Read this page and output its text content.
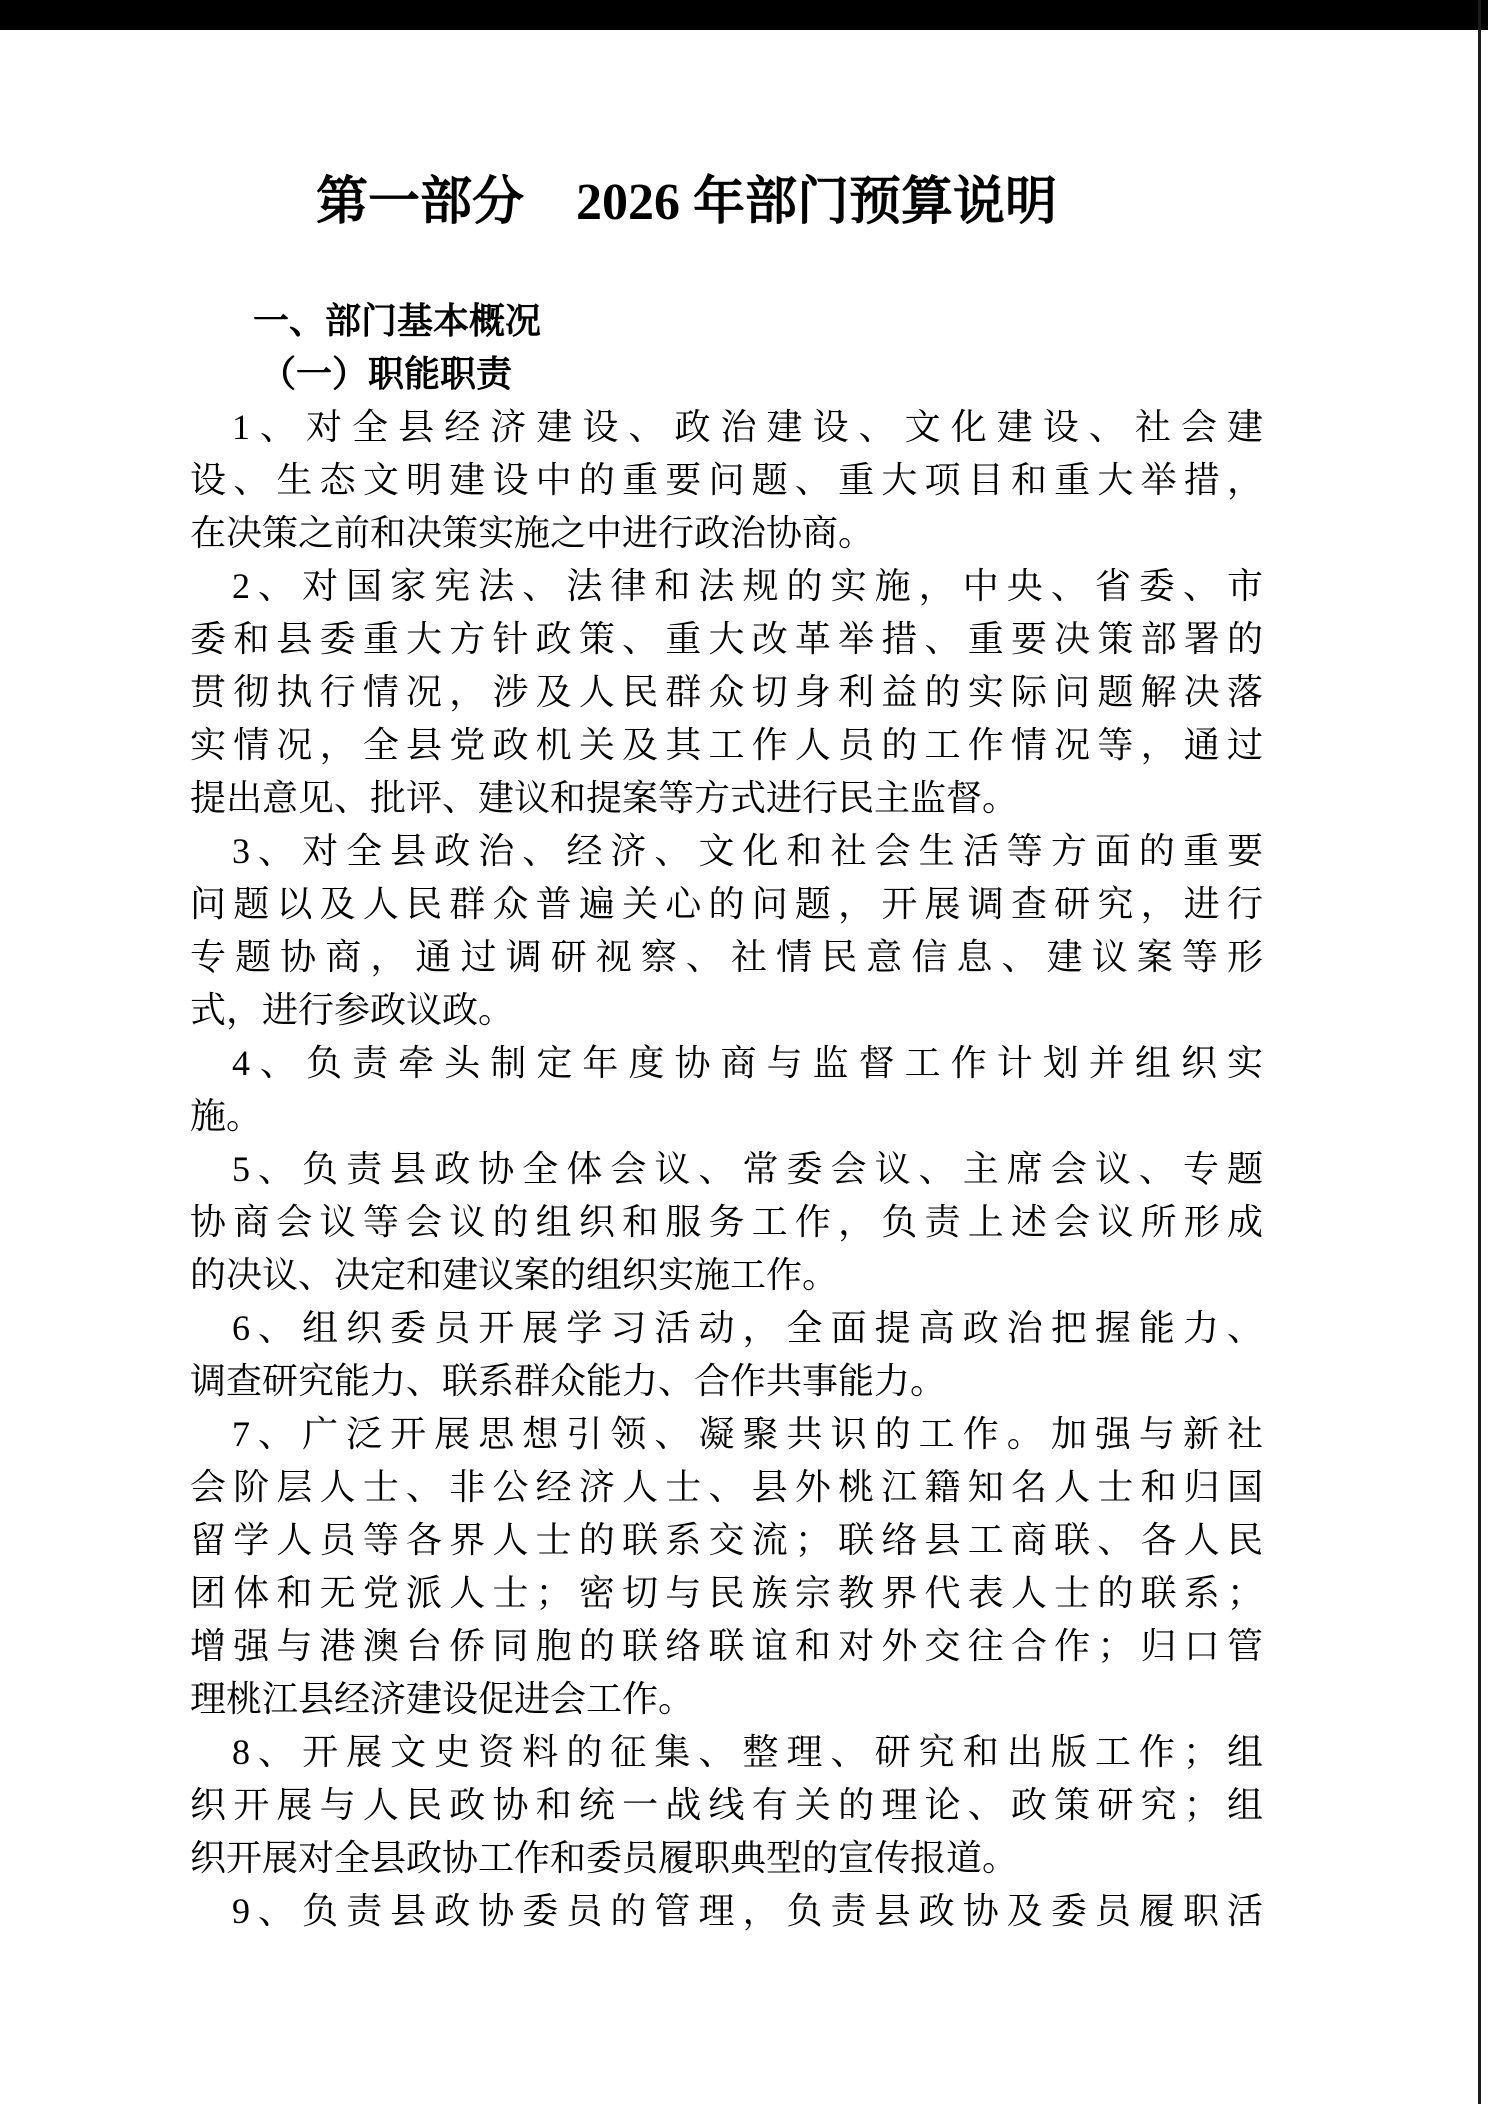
第一部分　2026 年部门预算说明
一、部门基本概况
（一）职能职责
1、对全县经济建设、政治建设、文化建设、社会建
设、生态文明建设中的重要问题、重大项目和重大举措，
在决策之前和决策实施之中进行政治协商。
2、对国家宪法、法律和法规的实施，中央、省委、市
委和县委重大方针政策、重大改革举措、重要决策部署的
贯彻执行情况，涉及人民群众切身利益的实际问题解决落
实情况，全县党政机关及其工作人员的工作情况等，通过
提出意见、批评、建议和提案等方式进行民主监督。
3、对全县政治、经济、文化和社会生活等方面的重要
问题以及人民群众普遍关心的问题，开展调查研究，进行
专题协商，通过调研视察、社情民意信息、建议案等形
式，进行参政议政。
4、负责牵头制定年度协商与监督工作计划并组织实
施。
5、负责县政协全体会议、常委会议、主席会议、专题
协商会议等会议的组织和服务工作，负责上述会议所形成
的决议、决定和建议案的组织实施工作。
6、组织委员开展学习活动，全面提高政治把握能力、
调查研究能力、联系群众能力、合作共事能力。
7、广泛开展思想引领、凝聚共识的工作。加强与新社
会阶层人士、非公经济人士、县外桃江籍知名人士和归国
留学人员等各界人士的联系交流；联络县工商联、各人民
团体和无党派人士；密切与民族宗教界代表人士的联系；
增强与港澳台侨同胞的联络联谊和对外交往合作；归口管
理桃江县经济建设促进会工作。
8、开展文史资料的征集、整理、研究和出版工作；组
织开展与人民政协和统一战线有关的理论、政策研究；组
织开展对全县政协工作和委员履职典型的宣传报道。
9、负责县政协委员的管理，负责县政协及委员履职活
